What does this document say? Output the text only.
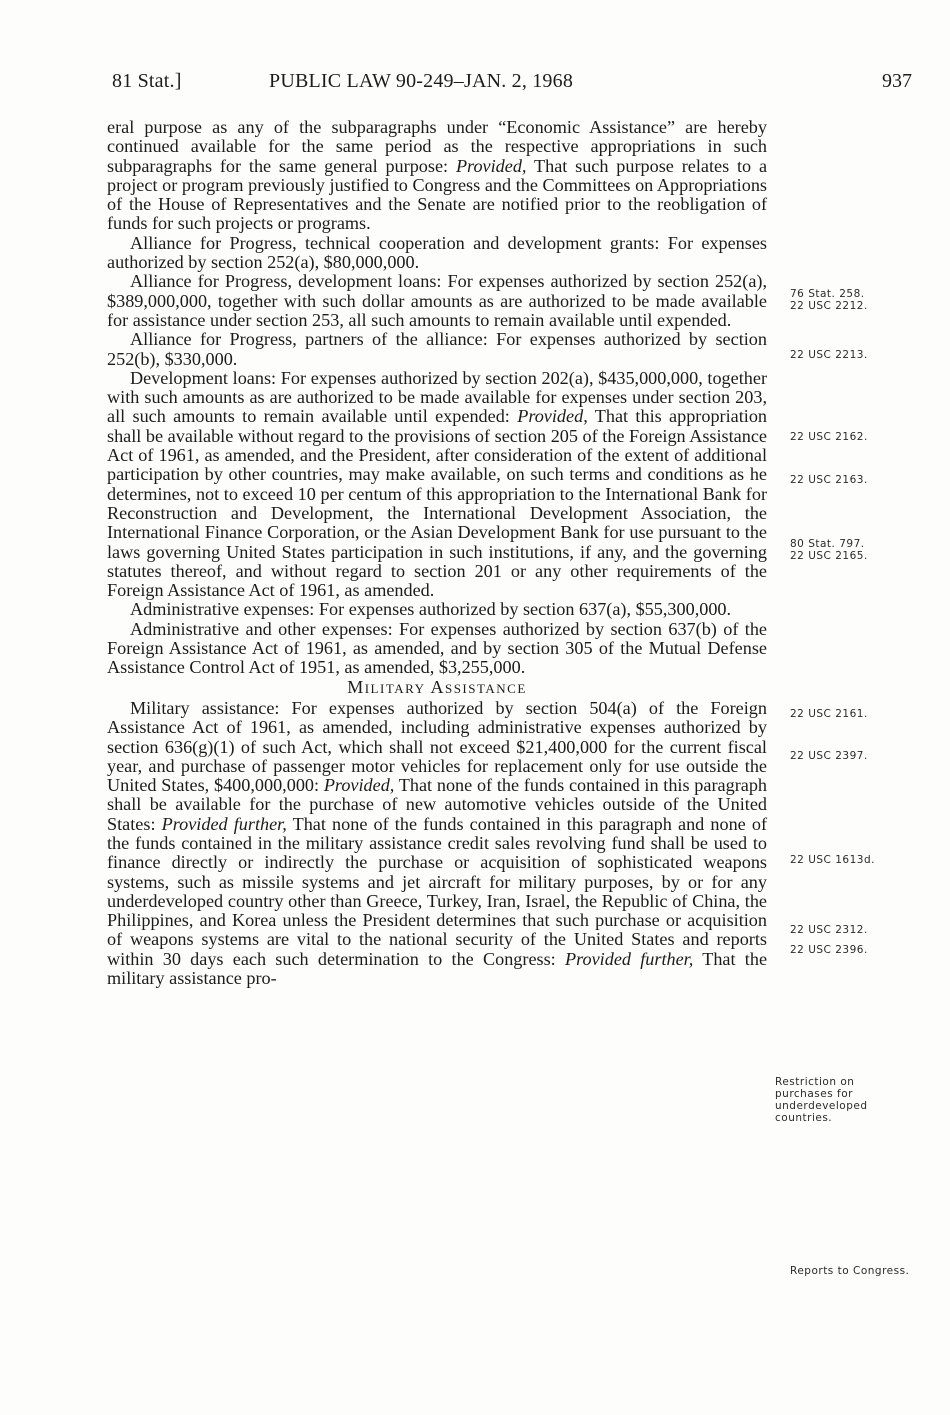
81 Stat.]	PUBLIC LAW 90-249–JAN. 2, 1968	937

eral purpose as any of the subparagraphs under “Economic Assistance” are hereby continued available for the same period as the respective appropriations in such subparagraphs for the same general purpose: Provided, That such purpose relates to a project or program previously justified to Congress and the Committees on Appropriations of the House of Representatives and the Senate are notified prior to the reobligation of funds for such projects or programs.

Alliance for Progress, technical cooperation and development grants: For expenses authorized by section 252(a), $80,000,000.

Alliance for Progress, development loans: For expenses authorized by section 252(a), $389,000,000, together with such dollar amounts as are authorized to be made available for assistance under section 253, all such amounts to remain available until expended.

Alliance for Progress, partners of the alliance: For expenses authorized by section 252(b), $330,000.

Development loans: For expenses authorized by section 202(a), $435,000,000, together with such amounts as are authorized to be made available for expenses under section 203, all such amounts to remain available until expended: Provided, That this appropriation shall be available without regard to the provisions of section 205 of the Foreign Assistance Act of 1961, as amended, and the President, after consideration of the extent of additional participation by other countries, may make available, on such terms and conditions as he determines, not to exceed 10 per centum of this appropriation to the International Bank for Reconstruction and Development, the International Development Association, the International Finance Corporation, or the Asian Development Bank for use pursuant to the laws governing United States participation in such institutions, if any, and the governing statutes thereof, and without regard to section 201 or any other requirements of the Foreign Assistance Act of 1961, as amended.

Administrative expenses: For expenses authorized by section 637(a), $55,300,000.

Administrative and other expenses: For expenses authorized by section 637(b) of the Foreign Assistance Act of 1961, as amended, and by section 305 of the Mutual Defense Assistance Control Act of 1951, as amended, $3,255,000.

Military Assistance

Military assistance: For expenses authorized by section 504(a) of the Foreign Assistance Act of 1961, as amended, including administrative expenses authorized by section 636(g)(1) of such Act, which shall not exceed $21,400,000 for the current fiscal year, and purchase of passenger motor vehicles for replacement only for use outside the United States, $400,000,000: Provided, That none of the funds contained in this paragraph shall be available for the purchase of new automotive vehicles outside of the United States: Provided further, That none of the funds contained in this paragraph and none of the funds contained in the military assistance credit sales revolving fund shall be used to finance directly or indirectly the purchase or acquisition of sophisticated weapons systems, such as missile systems and jet aircraft for military purposes, by or for any underdeveloped country other than Greece, Turkey, Iran, Israel, the Republic of China, the Philippines, and Korea unless the President determines that such purchase or acquisition of weapons systems are vital to the national security of the United States and reports within 30 days each such determination to the Congress: Provided further, That the military assistance pro-

76 Stat. 258.
22 USC 2212.
22 USC 2213.
22 USC 2162.
22 USC 2163.
80 Stat. 797.
22 USC 2165.
22 USC 2161.
22 USC 2397.
22 USC 1613d.
22 USC 2312.
22 USC 2396.
Restriction on purchases for underdeveloped countries.
Reports to Congress.
